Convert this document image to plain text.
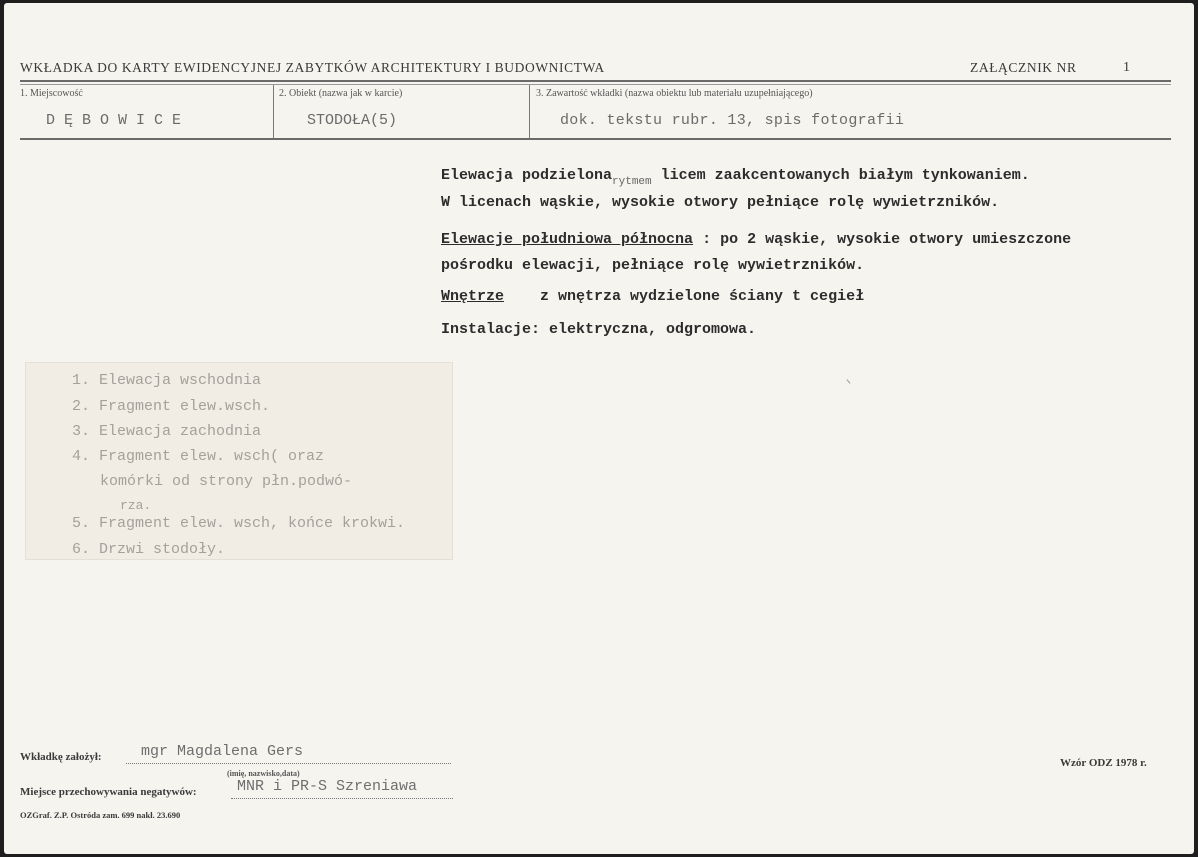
WKŁADKA DO KARTY EWIDENCYJNEJ ZABYTKÓW ARCHITEKTURY I BUDOWNICTWA	ZAŁĄCZNIK NR	1
1. Miejscowość	2. Obiekt (nazwa jak w karcie)	3. Zawartość wkładki (nazwa obiektu lub materiału uzupełniającego)
DĘBOWICE	STODOŁA(5)	dok. tekstu rubr. 13, spis fotografii
Elewacja podzielona$_{rytmem}$ licem zaakcentowanych białym tynkowaniem.
W licenach wąskie, wysokie otwory pełniące rolę wywietrzników.
Elewacje południowa północna : po 2 wąskie, wysokie otwory umieszczone
pośrodku elewacji, pełniące rolę wywietrzników.
Wnętrze z wnętrza wydzielone ściany t cegieł
Instalacje: elektryczna, odgromowa.
1. Elewacja wschodnia
2. Fragment elew.wsch.
3. Elewacja zachodnia
4. Fragment elew. wsch( oraz
komórki od strony płn.podwó-
rza.
5. Fragment elew. wsch, końce krokwi.
6. Drzwi stodoły.
Wkładkę założył:	mgr Magdalena Gers
(imię, nazwisko,data)
Miejsce przechowywania negatywów:	MNR i PR-S Szreniawa
OZGraf. Z.P. Ostróda zam. 699 nakł. 23.690
Wzór ODZ 1978 r.
